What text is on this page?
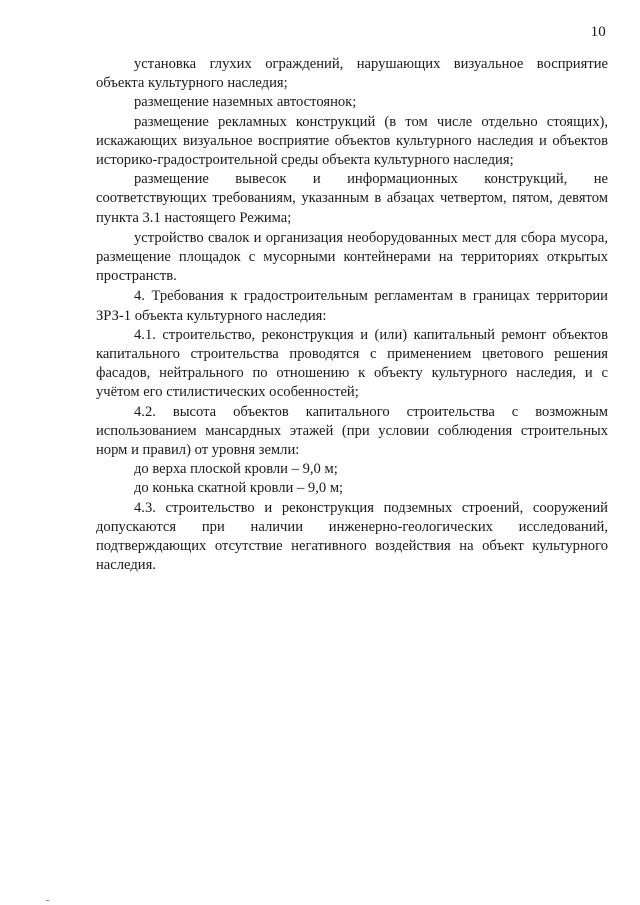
10

установка глухих ограждений, нарушающих визуальное восприятие объекта культурного наследия;

размещение наземных автостоянок;

размещение рекламных конструкций (в том числе отдельно стоящих), искажающих визуальное восприятие объектов культурного наследия и объектов историко-градостроительной среды объекта культурного наследия;

размещение вывесок и информационных конструкций, не соответствующих требованиям, указанным в абзацах четвертом, пятом, девятом пункта 3.1 настоящего Режима;

устройство свалок и организация необорудованных мест для сбора мусора, размещение площадок с мусорными контейнерами на территориях открытых пространств.

4. Требования к градостроительным регламентам в границах территории ЗРЗ-1 объекта культурного наследия:

4.1. строительство, реконструкция и (или) капитальный ремонт объектов капитального строительства проводятся с применением цветового решения фасадов, нейтрального по отношению к объекту культурного наследия, и с учётом его стилистических особенностей;

4.2. высота объектов капитального строительства с возможным использованием мансардных этажей (при условии соблюдения строительных норм и правил) от уровня земли:

до верха плоской кровли – 9,0 м;

до конька скатной кровли – 9,0 м;

4.3. строительство и реконструкция подземных строений, сооружений допускаются при наличии инженерно-геологических исследований, подтверждающих отсутствие негативного воздействия на объект культурного наследия.
